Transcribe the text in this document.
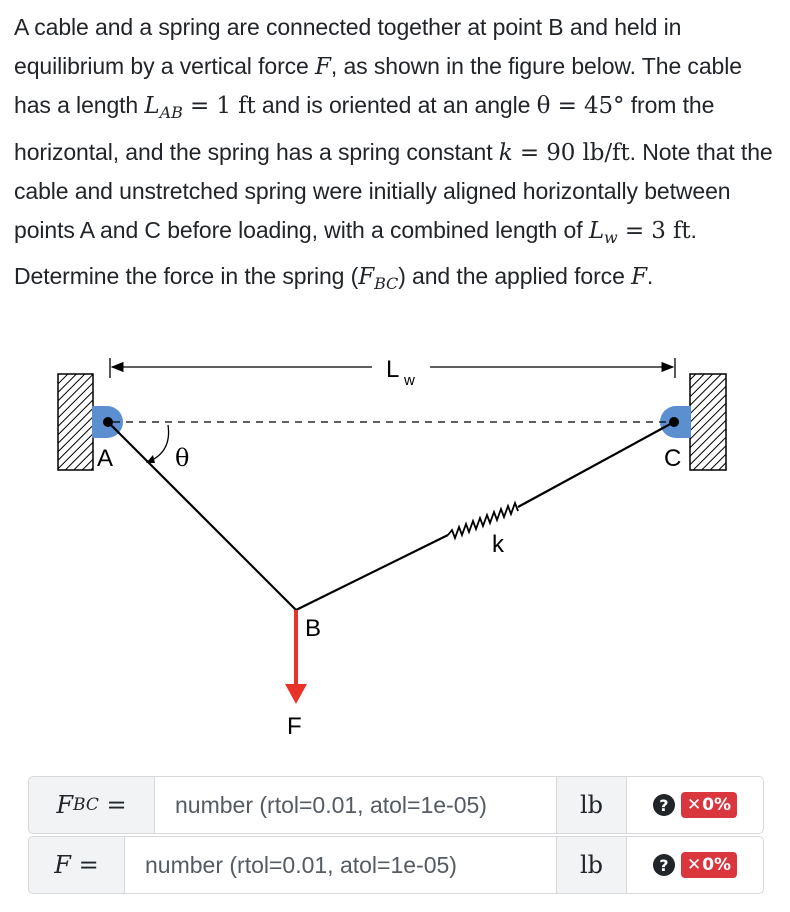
A cable and a spring are connected together at point B and held in equilibrium by a vertical force F, as shown in the figure below. The cable has a length $L_{AB} = 1$ ft and is oriented at an angle θ = 45° from the horizontal, and the spring has a spring constant k = 90 lb/ft. Note that the cable and unstretched spring were initially aligned horizontally between points A and C before loading, with a combined length of $L_w = 3$ ft. Determine the force in the spring $(F_{BC})$ and the applied force F.
L w
A	θ	C
k
B
F
F BC =	number (rtol=0.01, atol=1e-05)	lb	?	✕ 0%
F =	number (rtol=0.01, atol=1e-05)	lb	?	✕ 0%
